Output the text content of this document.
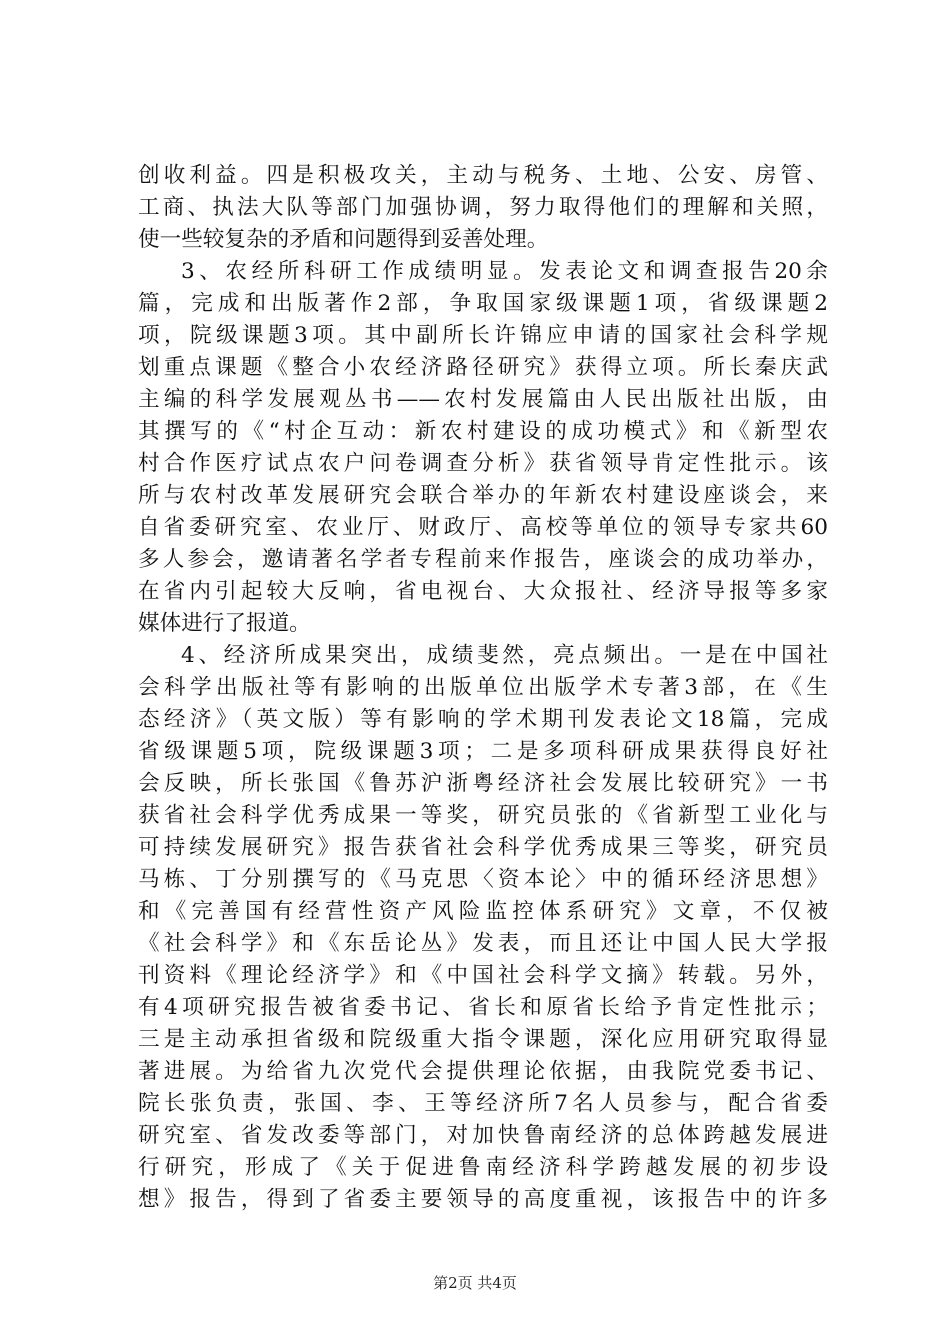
创收利益。四是积极攻关，主动与税务、土地、公安、房管、
工商、执法大队等部门加强协调，努力取得他们的理解和关照，
使一些较复杂的矛盾和问题得到妥善处理。
3、农经所科研工作成绩明显。发表论文和调查报告20余
篇，完成和出版著作2部，争取国家级课题1项，省级课题2
项，院级课题3项。其中副所长许锦应申请的国家社会科学规
划重点课题《整合小农经济路径研究》获得立项。所长秦庆武
主编的科学发展观丛书——农村发展篇由人民出版社出版，由
其撰写的《“村企互动：新农村建设的成功模式》和《新型农
村合作医疗试点农户问卷调查分析》获省领导肯定性批示。该
所与农村改革发展研究会联合举办的年新农村建设座谈会，来
自省委研究室、农业厅、财政厅、高校等单位的领导专家共60
多人参会，邀请著名学者专程前来作报告，座谈会的成功举办，
在省内引起较大反响，省电视台、大众报社、经济导报等多家
媒体进行了报道。
4、经济所成果突出，成绩斐然，亮点频出。一是在中国社
会科学出版社等有影响的出版单位出版学术专著3部，在《生
态经济》（英文版）等有影响的学术期刊发表论文18篇，完成
省级课题5项，院级课题3项；二是多项科研成果获得良好社
会反映，所长张国《鲁苏沪浙粤经济社会发展比较研究》一书
获省社会科学优秀成果一等奖，研究员张的《省新型工业化与
可持续发展研究》报告获省社会科学优秀成果三等奖，研究员
马栋、丁分别撰写的《马克思〈资本论〉中的循环经济思想》
和《完善国有经营性资产风险监控体系研究》文章，不仅被
《社会科学》和《东岳论丛》发表，而且还让中国人民大学报
刊资料《理论经济学》和《中国社会科学文摘》转载。另外，
有4项研究报告被省委书记、省长和原省长给予肯定性批示；
三是主动承担省级和院级重大指令课题，深化应用研究取得显
著进展。为给省九次党代会提供理论依据，由我院党委书记、
院长张负责，张国、李、王等经济所7名人员参与，配合省委
研究室、省发改委等部门，对加快鲁南经济的总体跨越发展进
行研究，形成了《关于促进鲁南经济科学跨越发展的初步设
想》报告，得到了省委主要领导的高度重视，该报告中的许多
第2页 共4页
